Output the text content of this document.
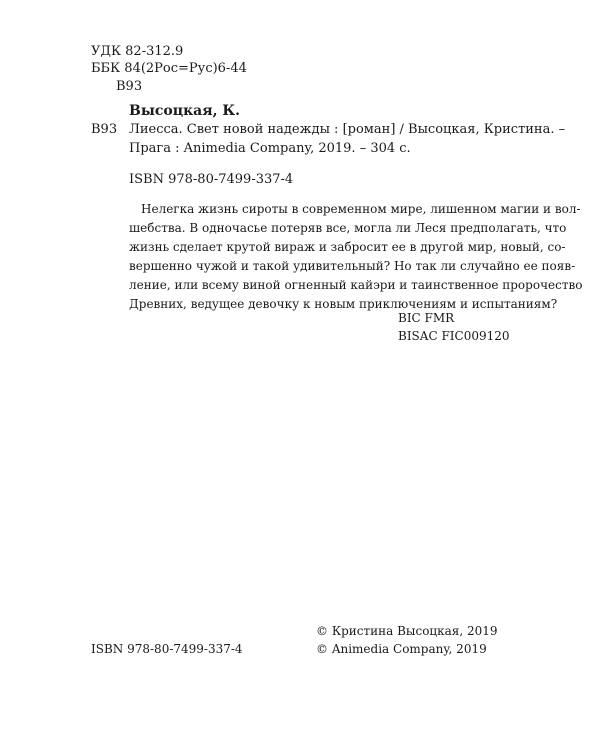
УДК 82-312.9
ББК 84(2Рос=Рус)6-44
В93
Высоцкая, К.
В93 Лиесса. Свет новой надежды : [роман] / Высоцкая, Кристина. –
Прага : Animedia Company, 2019. – 304 с.
ISBN 978-80-7499-337-4
Нелегка жизнь сироты в современном мире, лишенном магии и вол-
шебства. В одночасье потеряв все, могла ли Леся предполагать, что
жизнь сделает крутой вираж и забросит ее в другой мир, новый, со-
вершенно чужой и такой удивительный? Но так ли случайно ее появ-
ление, или всему виной огненный кайэри и таинственное пророчество
Древних, ведущее девочку к новым приключениям и испытаниям?
BIC FMR
BISAC FIC009120
ISBN 978-80-7499-337-4
© Кристина Высоцкая, 2019
© Animedia Company, 2019
